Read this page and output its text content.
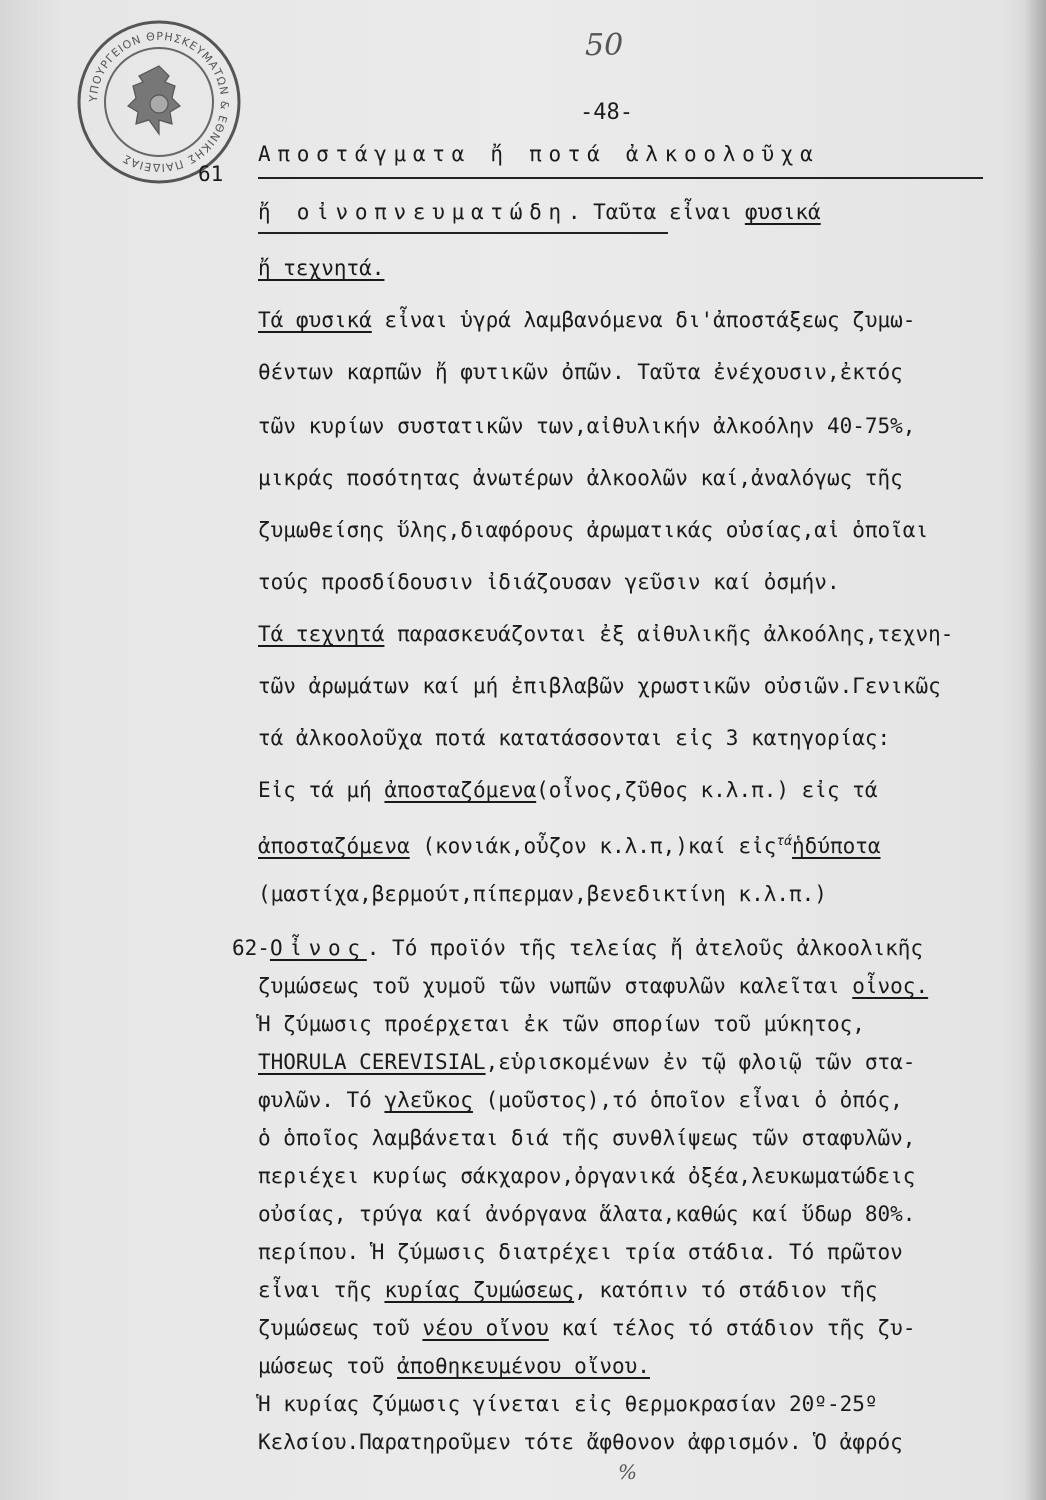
50
-48-
ΥΠΟΥΡΓΕΙΟΝ ΘΡΗΣΚΕΥΜΑΤΩΝ & ΕΘΝΙΚΗΣ ΠΑΙΔΕΙΑΣ
61
Αποστάγματα ἤ ποτά ἀλκοολοῦχα
ἤ οἰνοπνευματώδη. Ταῦτα εἶναι φυσικά
ἤ τεχνητά.
Τά φυσικά εἶναι ὑγρά λαμβανόμενα δι'ἀποστάξεως ζυμω-
θέντων καρπῶν ἤ φυτικῶν ὀπῶν. Ταῦτα ἐνέχουσιν,ἐκτός
τῶν κυρίων συστατικῶν των,αἰθυλικήν ἀλκοόλην 40-75%,
μικράς ποσότητας ἀνωτέρων ἀλκοολῶν καί,ἀναλόγως τῆς
ζυμωθείσης ὕλης,διαφόρους ἀρωματικάς οὐσίας,αἱ ὁποῖαι
τούς προσδίδουσιν ἰδιάζουσαν γεῦσιν καί ὀσμήν.
Τά τεχνητά παρασκευάζονται ἐξ αἰθυλικῆς ἀλκοόλης,τεχνη-
τῶν ἀρωμάτων καί μή ἐπιβλαβῶν χρωστικῶν οὐσιῶν.Γενικῶς
τά ἀλκοολοῦχα ποτά κατατάσσονται εἰς 3 κατηγορίας:
Εἰς τά μή ἀποσταζόμενα(οἶνος,ζῦθος κ.λ.π.) εἰς τά
ἀποσταζόμενα (κονιάκ,οὖζον κ.λ.π,)καί εἰς$^{\tau ά}$ἡδύποτα
(μαστίχα,βερμούτ,πίπερμαν,βενεδικτίνη κ.λ.π.)
62-Οἶνος. Τό προϊόν τῆς τελείας ἤ ἀτελοῦς ἀλκοολικῆς
ζυμώσεως τοῦ χυμοῦ τῶν νωπῶν σταφυλῶν καλεῖται οἶνος.
Ἡ ζύμωσις προέρχεται ἐκ τῶν σπορίων τοῦ μύκητος,
THORULA CEREVISIAL,εὑρισκομένων ἐν τῷ φλοιῷ τῶν στα-
φυλῶν. Τό γλεῦκος (μοῦστος),τό ὁποῖον εἶναι ὁ ὀπός,
ὁ ὁποῖος λαμβάνεται διά τῆς συνθλίψεως τῶν σταφυλῶν,
περιέχει κυρίως σάκχαρον,ὀργανικά ὀξέα,λευκωματώδεις
οὐσίας, τρύγα καί ἀνόργανα ἅλατα,καθώς καί ὕδωρ 80%.
περίπου. Ἡ ζύμωσις διατρέχει τρία στάδια. Τό πρῶτον
εἶναι τῆς κυρίας ζυμώσεως, κατόπιν τό στάδιον τῆς
ζυμώσεως τοῦ νέου οἴνου καί τέλος τό στάδιον τῆς ζυ-
μώσεως τοῦ ἀποθηκευμένου οἴνου.
Ἡ κυρίας ζύμωσις γίνεται εἰς θερμοκρασίαν 20º-25º
Κελσίου.Παρατηροῦμεν τότε ἄφθονον ἀφρισμόν. Ὁ ἀφρός
%
